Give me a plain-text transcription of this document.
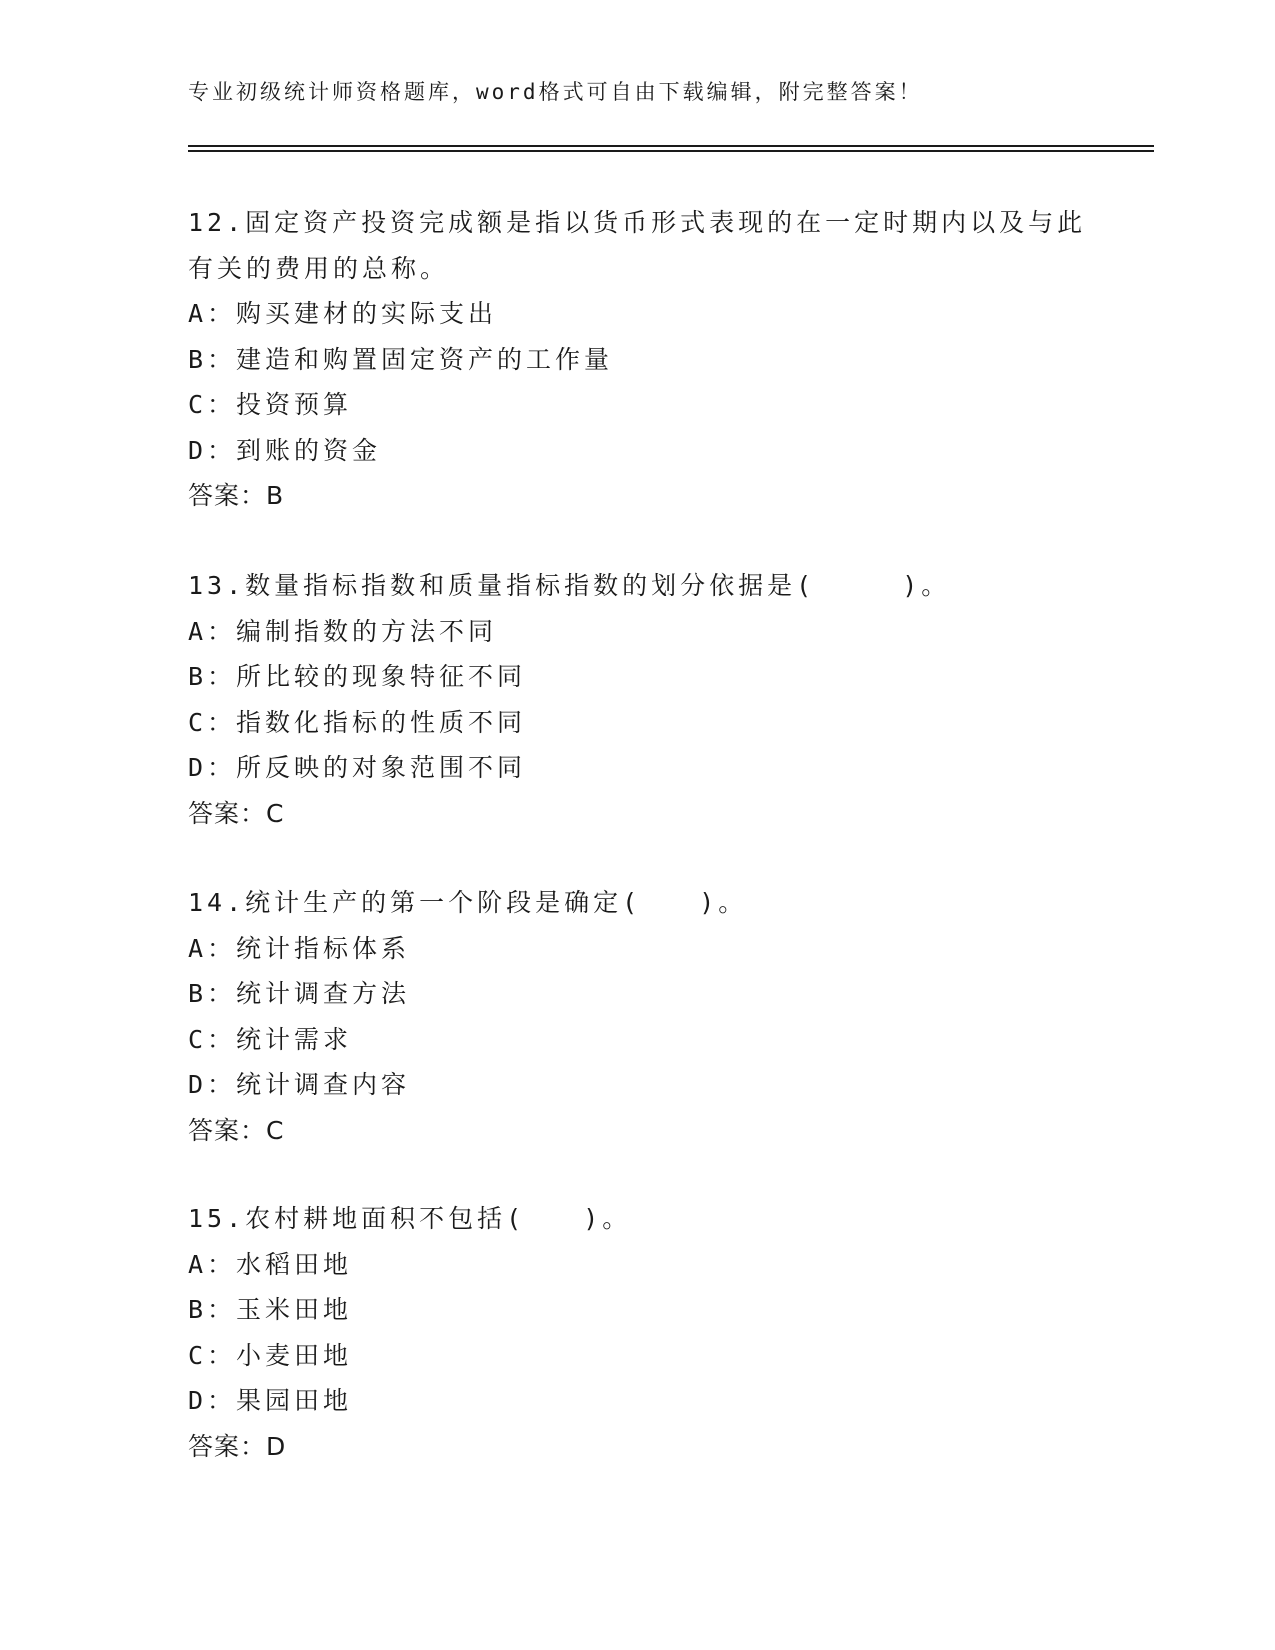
专业初级统计师资格题库，word格式可自由下载编辑，附完整答案！
12.固定资产投资完成额是指以货币形式表现的在一定时期内以及与此
有关的费用的总称。
A：购买建材的实际支出
B：建造和购置固定资产的工作量
C：投资预算
D：到账的资金
答案：B
13.数量指标指数和质量指标指数的划分依据是(　　　)。
A：编制指数的方法不同
B：所比较的现象特征不同
C：指数化指标的性质不同
D：所反映的对象范围不同
答案：C
14.统计生产的第一个阶段是确定(　　)。
A：统计指标体系
B：统计调查方法
C：统计需求
D：统计调查内容
答案：C
15.农村耕地面积不包括(　　)。
A：水稻田地
B：玉米田地
C：小麦田地
D：果园田地
答案：D
